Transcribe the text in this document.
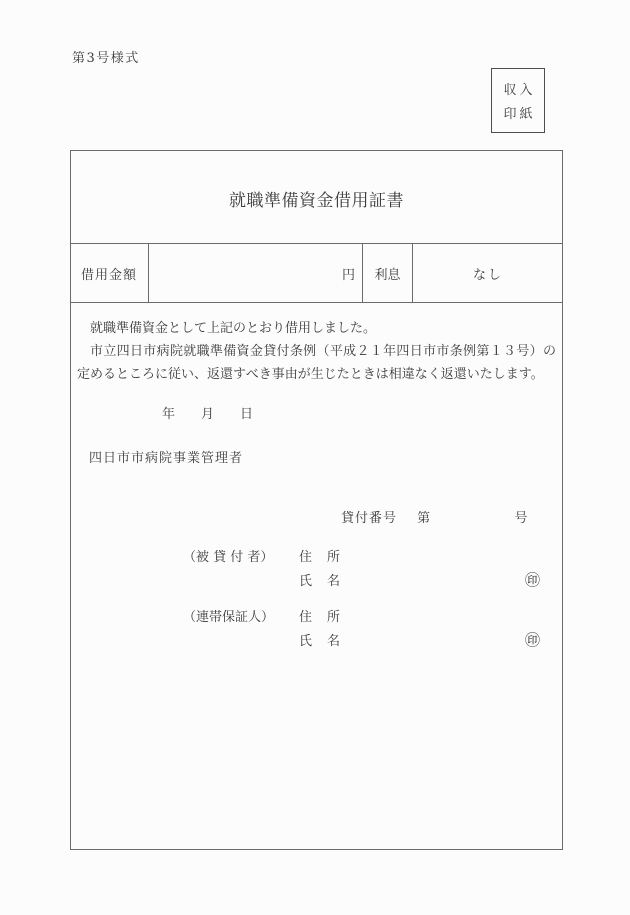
第3号様式
収入
印紙
就職準備資金借用証書
借用金額	円	利息	なし

就職準備資金として上記のとおり借用しました。

市立四日市病院就職準備資金貸付条例（平成２１年四日市市条例第１３号）の定めるところに従い、返還すべき事由が生じたときは相違なく返還いたします。

年　　月　　日
四日市市病院事業管理者
貸付番号 第	号
（被 貸 付 者）	住　所
氏　名	㊞
（連帯保証人）	住　所
氏　名	㊞
